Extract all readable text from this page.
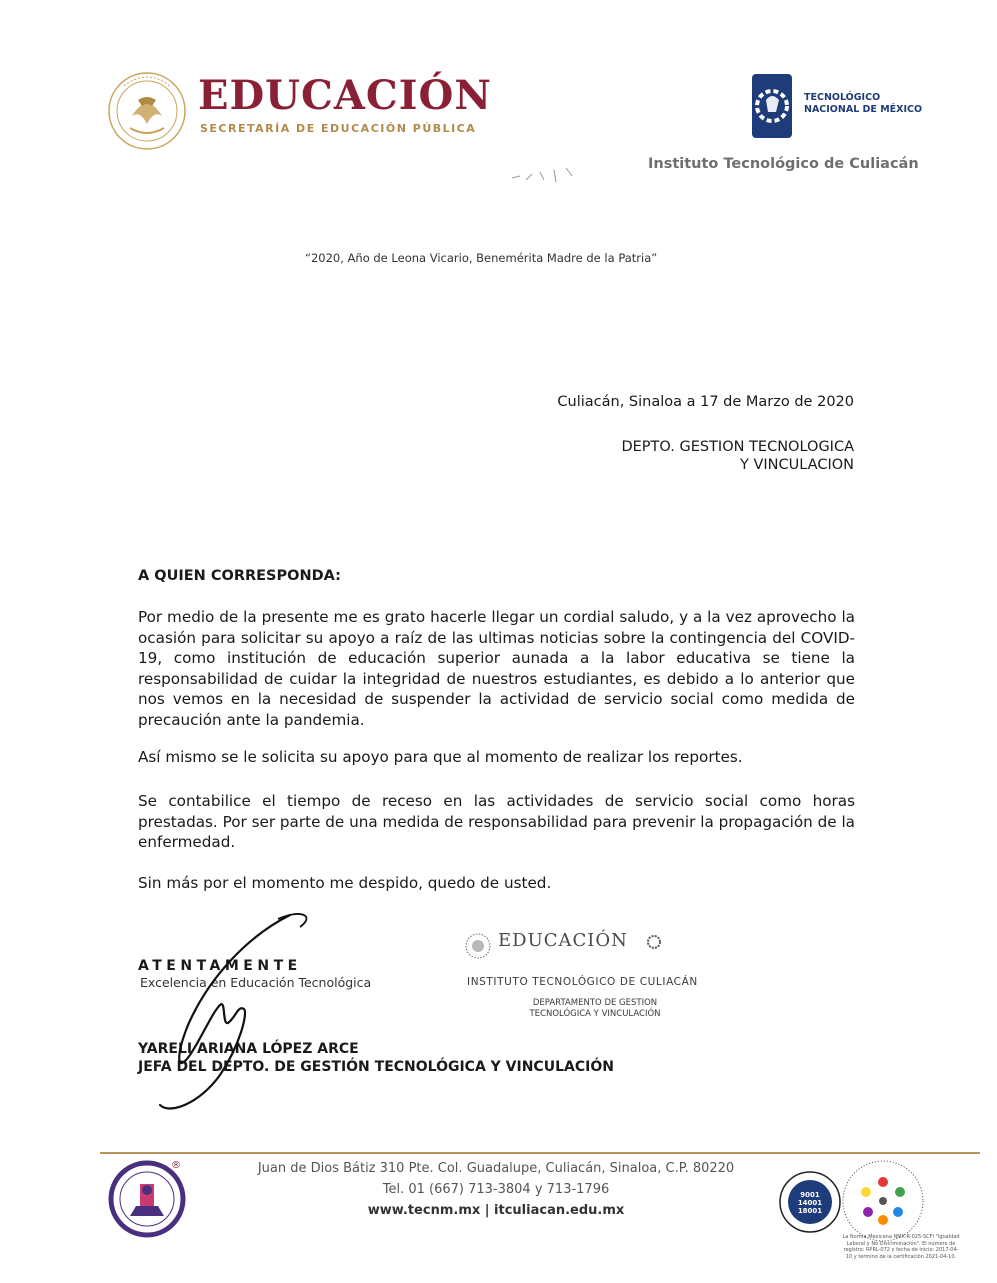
EDUCACIÓN
SECRETARÍA DE EDUCACIÓN PÚBLICA
TECNOLÓGICO
NACIONAL DE MÉXICO
Instituto Tecnológico de Culiacán
“2020, Año de Leona Vicario, Benemérita Madre de la Patria”
Culiacán, Sinaloa a 17 de Marzo de 2020
DEPTO. GESTION TECNOLOGICA
Y VINCULACION
A QUIEN CORRESPONDA:
Por medio de la presente me es grato hacerle llegar un cordial saludo, y a la vez aprovecho la ocasión para solicitar su apoyo a raíz de las ultimas noticias sobre la contingencia del COVID-19, como institución de educación superior aunada a la labor educativa se tiene la responsabilidad de cuidar la integridad de nuestros estudiantes, es debido a lo anterior que nos vemos en la necesidad de suspender la actividad de servicio social como medida de precaución ante la pandemia.
Así mismo se le solicita su apoyo para que al momento de realizar los reportes.
Se contabilice el tiempo de receso en las actividades de servicio social como horas prestadas. Por ser parte de una medida de responsabilidad para prevenir la propagación de la enfermedad.
Sin más por el momento me despido, quedo de usted.
ATENTAMENTE
Excelencia en Educación Tecnológica
YARELI ARIANA LÓPEZ ARCE
JEFA DEL DEPTO. DE GESTIÓN TECNOLÓGICA Y VINCULACIÓN
EDUCACIÓN
INSTITUTO TECNOLÓGICO DE CULIACÁN
DEPARTAMENTO DE GESTION
TECNOLÓGICA Y VINCULACIÓN
®	Juan de Dios Bátiz 310 Pte. Col. Guadalupe, Culiacán, Sinaloa, C.P. 80220
Tel. 01 (667) 713-3804 y 713-1796
www.tecnm.mx | itculiacan.edu.mx
9001
14001
18001
La Norma Mexicana NMX-R-025-SCFI "Igualdad Laboral y No Discriminación". El número de registro: RPRL-072 y fecha de inicio: 2017-04-10 y termino de la certificación 2021-04-10.
